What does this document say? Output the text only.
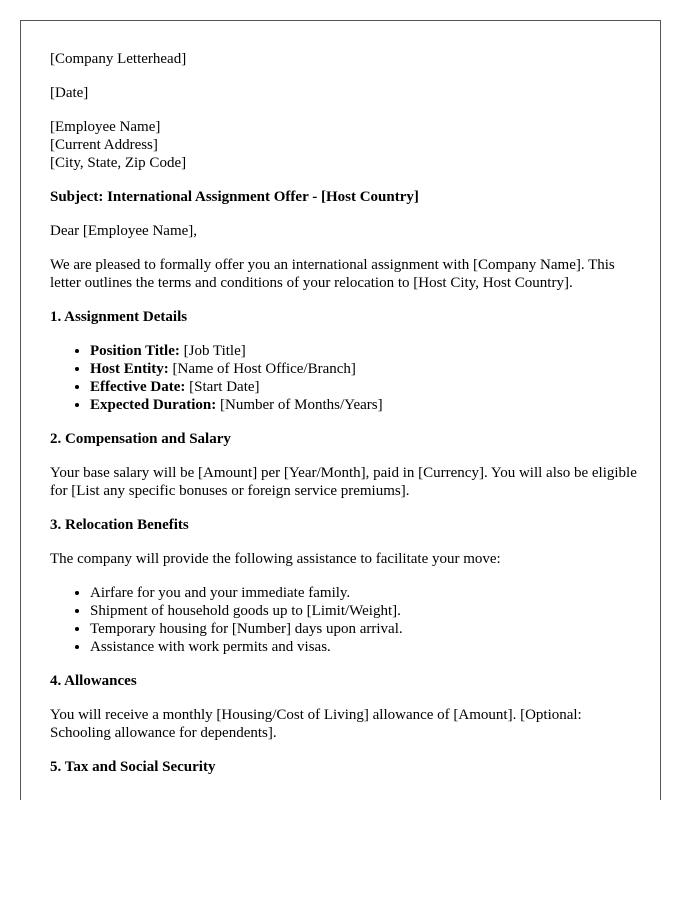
[Company Letterhead]

[Date]

[Employee Name]
[Current Address]
[City, State, Zip Code]

Subject: International Assignment Offer - [Host Country]

Dear [Employee Name],

We are pleased to formally offer you an international assignment with [Company Name]. This letter outlines the terms and conditions of your relocation to [Host City, Host Country].

1. Assignment Details

• Position Title: [Job Title]
• Host Entity: [Name of Host Office/Branch]
• Effective Date: [Start Date]
• Expected Duration: [Number of Months/Years]

2. Compensation and Salary

Your base salary will be [Amount] per [Year/Month], paid in [Currency]. You will also be eligible for [List any specific bonuses or foreign service premiums].

3. Relocation Benefits

The company will provide the following assistance to facilitate your move:

• Airfare for you and your immediate family.
• Shipment of household goods up to [Limit/Weight].
• Temporary housing for [Number] days upon arrival.
• Assistance with work permits and visas.

4. Allowances

You will receive a monthly [Housing/Cost of Living] allowance of [Amount]. [Optional: Schooling allowance for dependents].

5. Tax and Social Security
